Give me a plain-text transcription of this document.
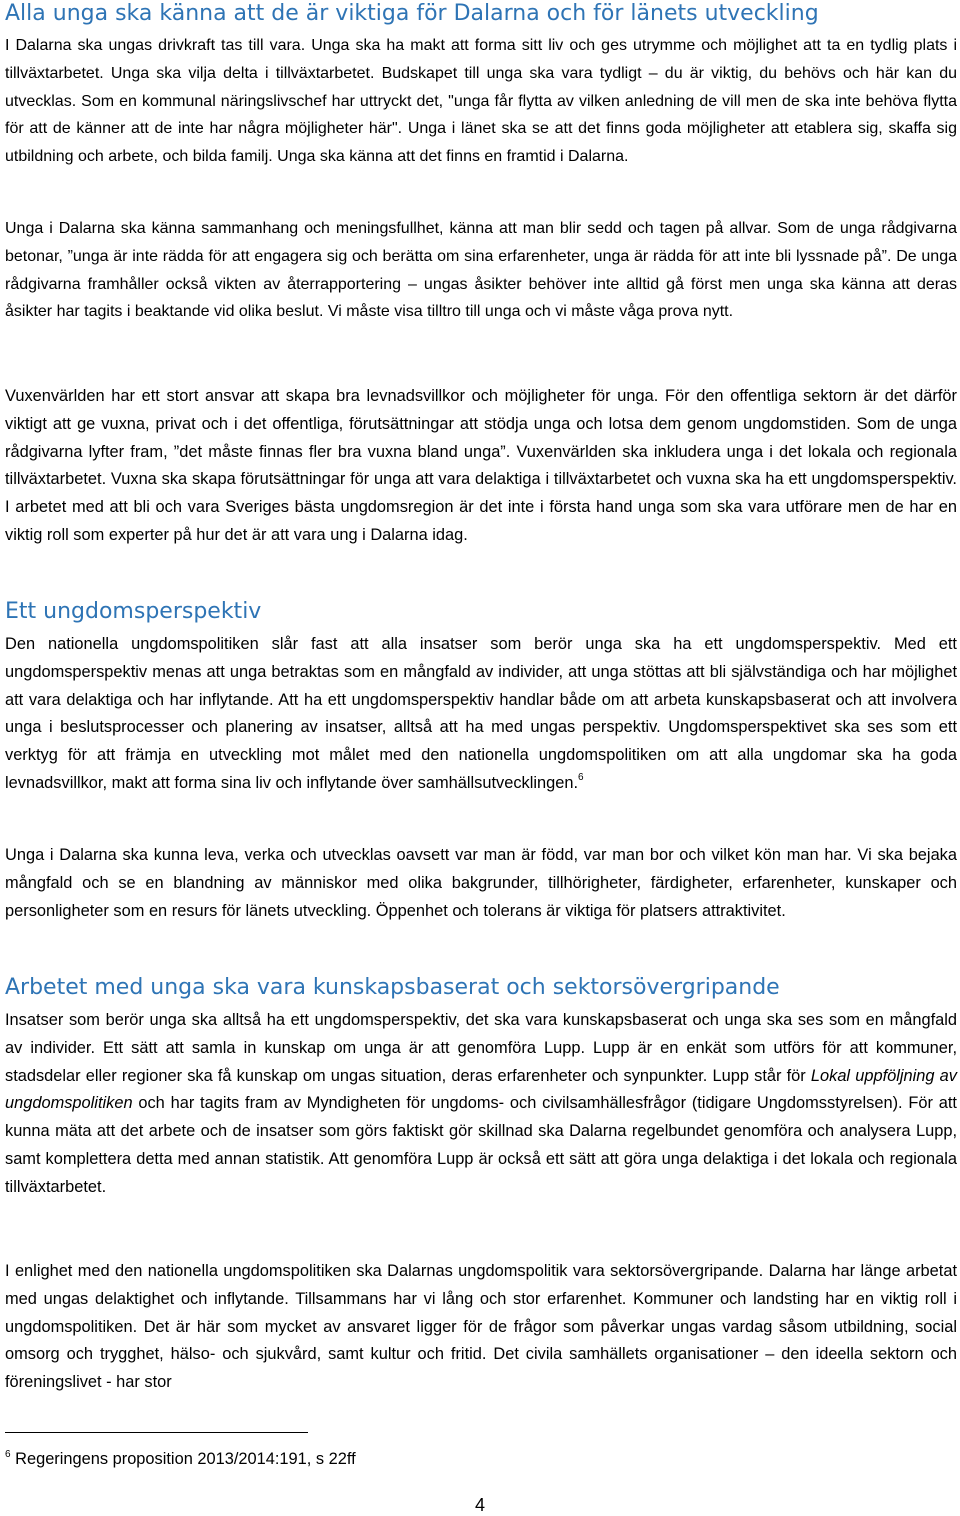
Alla unga ska känna att de är viktiga för Dalarna och för länets utveckling

I Dalarna ska ungas drivkraft tas till vara. Unga ska ha makt att forma sitt liv och ges utrymme och möjlighet att ta en tydlig plats i tillväxtarbetet. Unga ska vilja delta i tillväxtarbetet. Budskapet till unga ska vara tydligt – du är viktig, du behövs och här kan du utvecklas. Som en kommunal näringslivschef har uttryckt det, "unga får flytta av vilken anledning de vill men de ska inte behöva flytta för att de känner att de inte har några möjligheter här". Unga i länet ska se att det finns goda möjligheter att etablera sig, skaffa sig utbildning och arbete, och bilda familj. Unga ska känna att det finns en framtid i Dalarna.

Unga i Dalarna ska känna sammanhang och meningsfullhet, känna att man blir sedd och tagen på allvar. Som de unga rådgivarna betonar, ”unga är inte rädda för att engagera sig och berätta om sina erfarenheter, unga är rädda för att inte bli lyssnade på”. De unga rådgivarna framhåller också vikten av återrapportering – ungas åsikter behöver inte alltid gå först men unga ska känna att deras åsikter har tagits i beaktande vid olika beslut. Vi måste visa tilltro till unga och vi måste våga prova nytt.

Vuxenvärlden har ett stort ansvar att skapa bra levnadsvillkor och möjligheter för unga. För den offentliga sektorn är det därför viktigt att ge vuxna, privat och i det offentliga, förutsättningar att stödja unga och lotsa dem genom ungdomstiden. Som de unga rådgivarna lyfter fram, ”det måste finnas fler bra vuxna bland unga”. Vuxenvärlden ska inkludera unga i det lokala och regionala tillväxtarbetet. Vuxna ska skapa förutsättningar för unga att vara delaktiga i tillväxtarbetet och vuxna ska ha ett ungdomsperspektiv. I arbetet med att bli och vara Sveriges bästa ungdomsregion är det inte i första hand unga som ska vara utförare men de har en viktig roll som experter på hur det är att vara ung i Dalarna idag.

Ett ungdomsperspektiv

Den nationella ungdomspolitiken slår fast att alla insatser som berör unga ska ha ett ungdomsperspektiv. Med ett ungdomsperspektiv menas att unga betraktas som en mångfald av individer, att unga stöttas att bli självständiga och har möjlighet att vara delaktiga och har inflytande. Att ha ett ungdomsperspektiv handlar både om att arbeta kunskapsbaserat och att involvera unga i beslutsprocesser och planering av insatser, alltså att ha med ungas perspektiv. Ungdomsperspektivet ska ses som ett verktyg för att främja en utveckling mot målet med den nationella ungdomspolitiken om att alla ungdomar ska ha goda levnadsvillkor, makt att forma sina liv och inflytande över samhällsutvecklingen.$^6$

Unga i Dalarna ska kunna leva, verka och utvecklas oavsett var man är född, var man bor och vilket kön man har. Vi ska bejaka mångfald och se en blandning av människor med olika bakgrunder, tillhörigheter, färdigheter, erfarenheter, kunskaper och personligheter som en resurs för länets utveckling. Öppenhet och tolerans är viktiga för platsers attraktivitet.

Arbetet med unga ska vara kunskapsbaserat och sektorsövergripande

Insatser som berör unga ska alltså ha ett ungdomsperspektiv, det ska vara kunskapsbaserat och unga ska ses som en mångfald av individer. Ett sätt att samla in kunskap om unga är att genomföra Lupp. Lupp är en enkät som utförs för att kommuner, stadsdelar eller regioner ska få kunskap om ungas situation, deras erfarenheter och synpunkter. Lupp står för Lokal uppföljning av ungdomspolitiken och har tagits fram av Myndigheten för ungdoms- och civilsamhällesfrågor (tidigare Ungdomsstyrelsen). För att kunna mäta att det arbete och de insatser som görs faktiskt gör skillnad ska Dalarna regelbundet genomföra och analysera Lupp, samt komplettera detta med annan statistik. Att genomföra Lupp är också ett sätt att göra unga delaktiga i det lokala och regionala tillväxtarbetet.

I enlighet med den nationella ungdomspolitiken ska Dalarnas ungdomspolitik vara sektorsövergripande. Dalarna har länge arbetat med ungas delaktighet och inflytande. Tillsammans har vi lång och stor erfarenhet. Kommuner och landsting har en viktig roll i ungdomspolitiken. Det är här som mycket av ansvaret ligger för de frågor som påverkar ungas vardag såsom utbildning, social omsorg och trygghet, hälso- och sjukvård, samt kultur och fritid. Det civila samhällets organisationer – den ideella sektorn och föreningslivet - har stor

$^6$ Regeringens proposition 2013/2014:191, s 22ff
4
